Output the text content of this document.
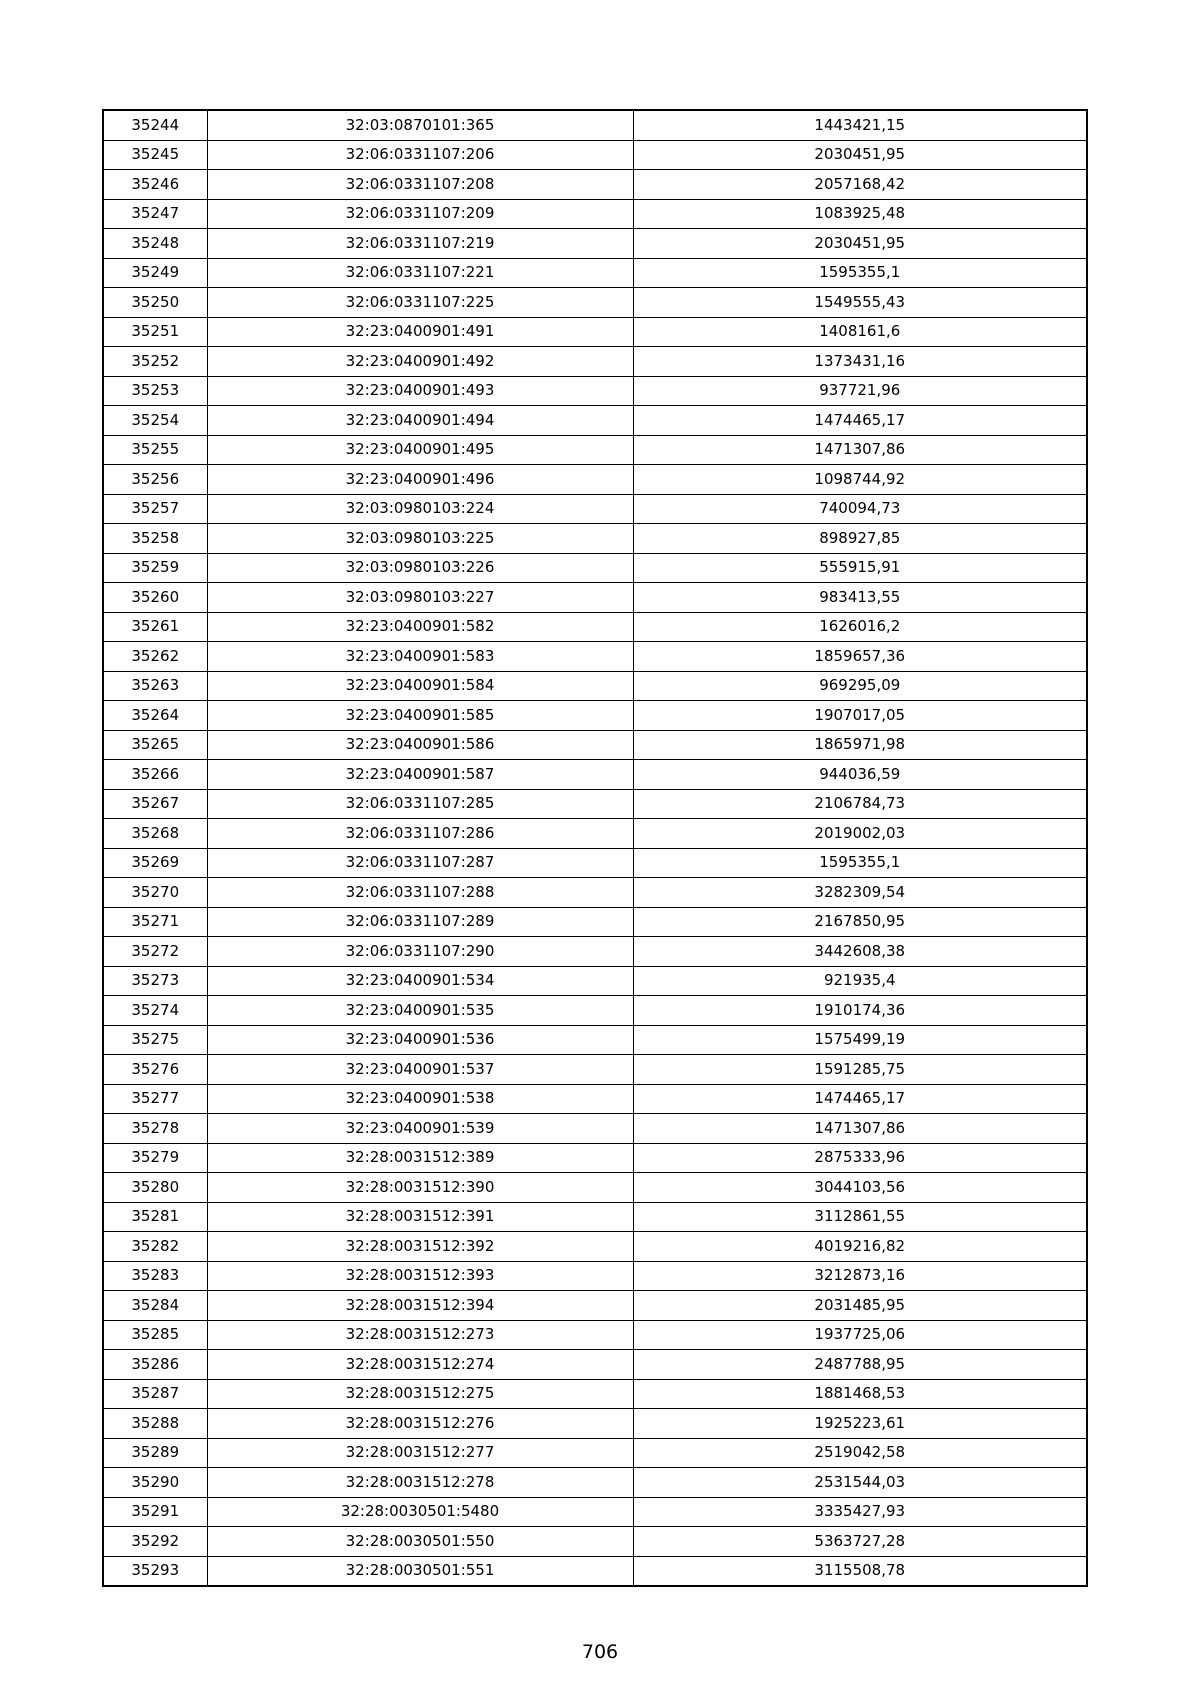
35244	32:03:0870101:365	1443421,15
35245	32:06:0331107:206	2030451,95
35246	32:06:0331107:208	2057168,42
35247	32:06:0331107:209	1083925,48
35248	32:06:0331107:219	2030451,95
35249	32:06:0331107:221	1595355,1
35250	32:06:0331107:225	1549555,43
35251	32:23:0400901:491	1408161,6
35252	32:23:0400901:492	1373431,16
35253	32:23:0400901:493	937721,96
35254	32:23:0400901:494	1474465,17
35255	32:23:0400901:495	1471307,86
35256	32:23:0400901:496	1098744,92
35257	32:03:0980103:224	740094,73
35258	32:03:0980103:225	898927,85
35259	32:03:0980103:226	555915,91
35260	32:03:0980103:227	983413,55
35261	32:23:0400901:582	1626016,2
35262	32:23:0400901:583	1859657,36
35263	32:23:0400901:584	969295,09
35264	32:23:0400901:585	1907017,05
35265	32:23:0400901:586	1865971,98
35266	32:23:0400901:587	944036,59
35267	32:06:0331107:285	2106784,73
35268	32:06:0331107:286	2019002,03
35269	32:06:0331107:287	1595355,1
35270	32:06:0331107:288	3282309,54
35271	32:06:0331107:289	2167850,95
35272	32:06:0331107:290	3442608,38
35273	32:23:0400901:534	921935,4
35274	32:23:0400901:535	1910174,36
35275	32:23:0400901:536	1575499,19
35276	32:23:0400901:537	1591285,75
35277	32:23:0400901:538	1474465,17
35278	32:23:0400901:539	1471307,86
35279	32:28:0031512:389	2875333,96
35280	32:28:0031512:390	3044103,56
35281	32:28:0031512:391	3112861,55
35282	32:28:0031512:392	4019216,82
35283	32:28:0031512:393	3212873,16
35284	32:28:0031512:394	2031485,95
35285	32:28:0031512:273	1937725,06
35286	32:28:0031512:274	2487788,95
35287	32:28:0031512:275	1881468,53
35288	32:28:0031512:276	1925223,61
35289	32:28:0031512:277	2519042,58
35290	32:28:0031512:278	2531544,03
35291	32:28:0030501:5480	3335427,93
35292	32:28:0030501:550	5363727,28
35293	32:28:0030501:551	3115508,78
706
